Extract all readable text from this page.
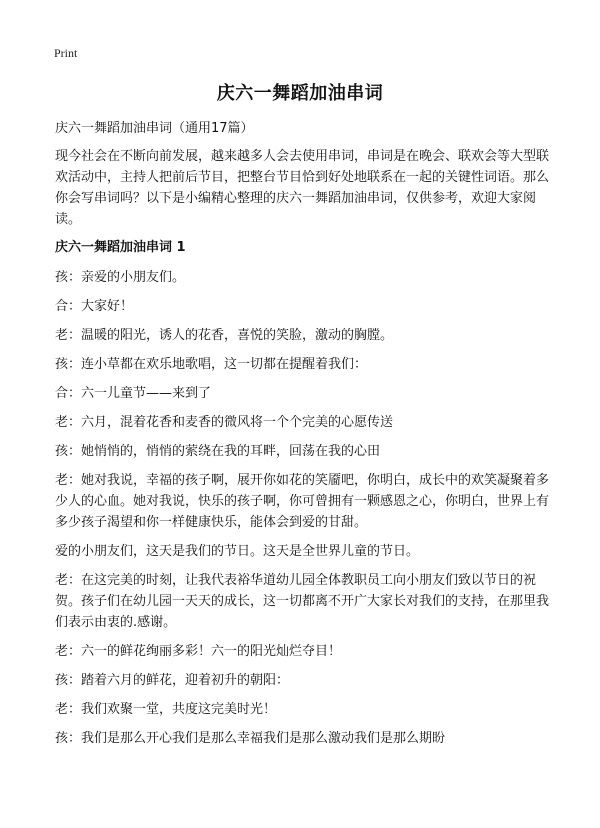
Print
庆六一舞蹈加油串词

庆六一舞蹈加油串词（通用17篇）

现今社会在不断向前发展，越来越多人会去使用串词，串词是在晚会、联欢会等大型联欢活动中，主持人把前后节目，把整台节目恰到好处地联系在一起的关键性词语。那么你会写串词吗？以下是小编精心整理的庆六一舞蹈加油串词，仅供参考，欢迎大家阅读。

庆六一舞蹈加油串词 1

孩：亲爱的小朋友们。

合：大家好！

老：温暖的阳光，诱人的花香，喜悦的笑脸，激动的胸膛。

孩：连小草都在欢乐地歌唱，这一切都在提醒着我们：

合：六一儿童节——来到了

老：六月，混着花香和麦香的微风将一个个完美的心愿传送

孩：她悄悄的，悄悄的萦绕在我的耳畔，回荡在我的心田

老：她对我说，幸福的孩子啊，展开你如花的笑靥吧，你明白，成长中的欢笑凝聚着多少人的心血。她对我说，快乐的孩子啊，你可曾拥有一颗感恩之心，你明白，世界上有多少孩子渴望和你一样健康快乐，能体会到爱的甘甜。

爱的小朋友们，这天是我们的节日。这天是全世界儿童的节日。

老：在这完美的时刻，让我代表裕华道幼儿园全体教职员工向小朋友们致以节日的祝贺。孩子们在幼儿园一天天的成长，这一切都离不开广大家长对我们的支持，在那里我们表示由衷的.感谢。

老：六一的鲜花绚丽多彩！六一的阳光灿烂夺目！

孩：踏着六月的鲜花，迎着初升的朝阳：

老：我们欢聚一堂，共度这完美时光！

孩：我们是那么开心我们是那么幸福我们是那么激动我们是那么期盼
